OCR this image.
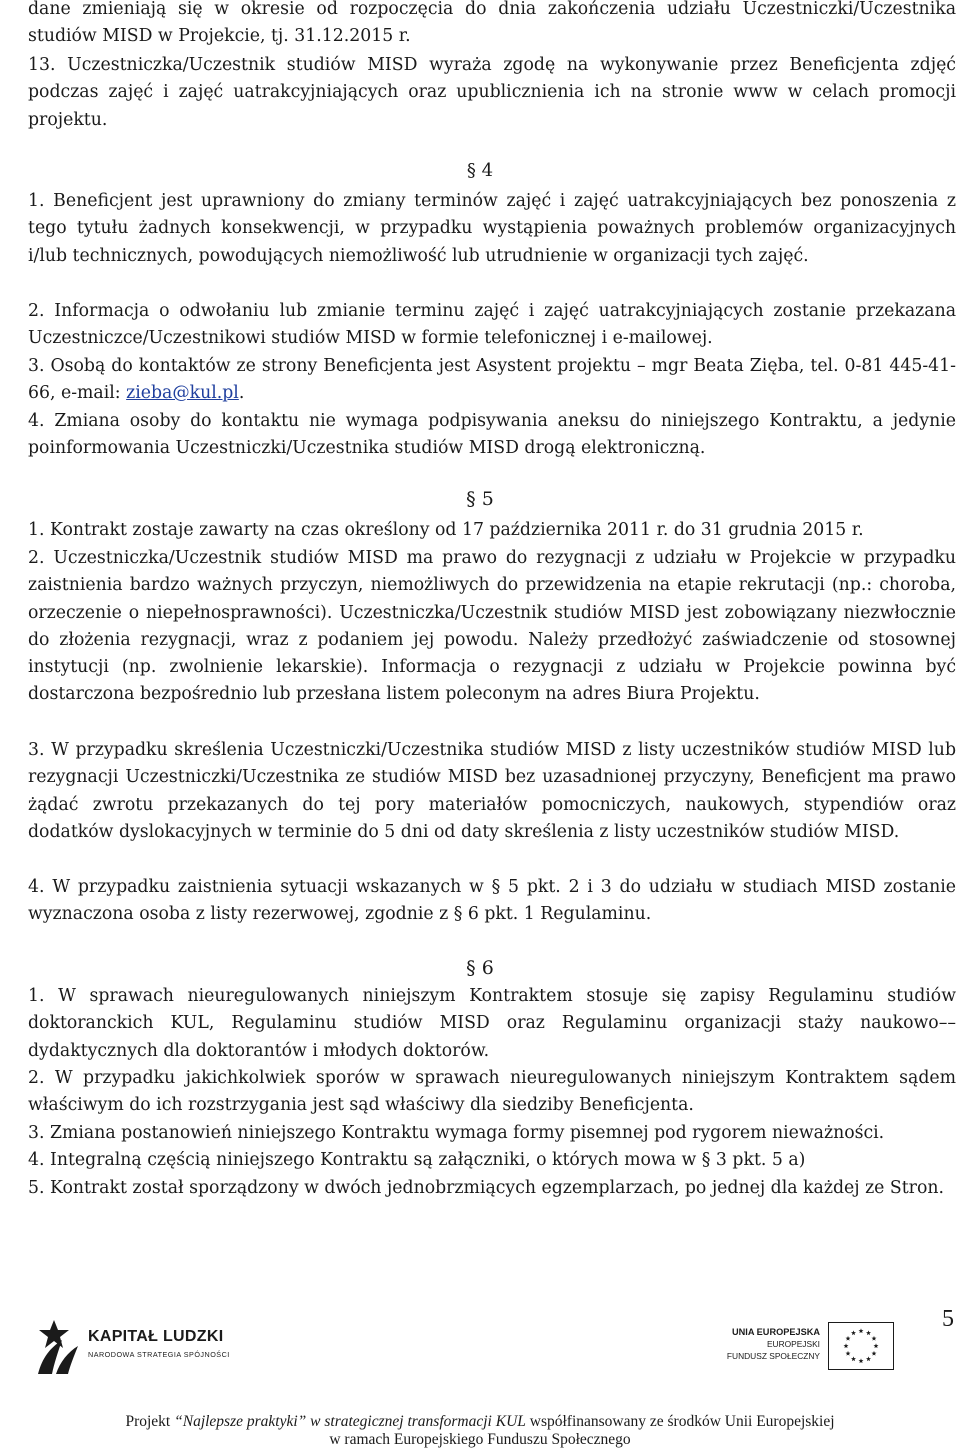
dane zmieniają się w okresie od rozpoczęcia do dnia zakończenia udziału Uczestniczki/Uczestnika studiów MISD w Projekcie, tj. 31.12.2015 r.
13. Uczestniczka/Uczestnik studiów MISD wyraża zgodę na wykonywanie przez Beneficjenta zdjęć podczas zajęć i zajęć uatrakcyjniających oraz upublicznienia ich na stronie www w celach promocji projektu.
§ 4
1. Beneficjent jest uprawniony do zmiany terminów zajęć i zajęć uatrakcyjniających bez ponoszenia z tego tytułu żadnych konsekwencji, w przypadku wystąpienia poważnych problemów organizacyjnych i/lub technicznych, powodujących niemożliwość lub utrudnienie w organizacji tych zajęć.
2. Informacja o odwołaniu lub zmianie terminu zajęć i zajęć uatrakcyjniających zostanie przekazana Uczestniczce/Uczestnikowi studiów MISD w formie telefonicznej i e-mailowej.
3. Osobą do kontaktów ze strony Beneficjenta jest Asystent projektu – mgr Beata Zięba, tel. 0-81 445-41-66, e-mail: zieba@kul.pl.
4. Zmiana osoby do kontaktu nie wymaga podpisywania aneksu do niniejszego Kontraktu, a jedynie poinformowania Uczestniczki/Uczestnika studiów MISD drogą elektroniczną.
§ 5
1. Kontrakt zostaje zawarty na czas określony od 17 października 2011 r. do 31 grudnia 2015 r.
2. Uczestniczka/Uczestnik studiów MISD ma prawo do rezygnacji z udziału w Projekcie w przypadku zaistnienia bardzo ważnych przyczyn, niemożliwych do przewidzenia na etapie rekrutacji (np.: choroba, orzeczenie o niepełnosprawności). Uczestniczka/Uczestnik studiów MISD jest zobowiązany niezwłocznie do złożenia rezygnacji, wraz z podaniem jej powodu. Należy przedłożyć zaświadczenie od stosownej instytucji (np. zwolnienie lekarskie). Informacja o rezygnacji z udziału w Projekcie powinna być dostarczona bezpośrednio lub przesłana listem poleconym na adres Biura Projektu.
3. W przypadku skreślenia Uczestniczki/Uczestnika studiów MISD z listy uczestników studiów MISD lub rezygnacji Uczestniczki/Uczestnika ze studiów MISD bez uzasadnionej przyczyny, Beneficjent ma prawo żądać zwrotu przekazanych do tej pory materiałów pomocniczych, naukowych, stypendiów oraz dodatków dyslokacyjnych w terminie do 5 dni od daty skreślenia z listy uczestników studiów MISD.
4. W przypadku zaistnienia sytuacji wskazanych w § 5 pkt. 2 i 3 do udziału w studiach MISD zostanie wyznaczona osoba z listy rezerwowej, zgodnie z § 6 pkt. 1 Regulaminu.
§ 6
1. W sprawach nieuregulowanych niniejszym Kontraktem stosuje się zapisy Regulaminu studiów doktoranckich KUL, Regulaminu studiów MISD oraz Regulaminu organizacji staży naukowo––dydaktycznych dla doktorantów i młodych doktorów.
2. W przypadku jakichkolwiek sporów w sprawach nieuregulowanych niniejszym Kontraktem sądem właściwym do ich rozstrzygania jest sąd właściwy dla siedziby Beneficjenta.
3. Zmiana postanowień niniejszego Kontraktu wymaga formy pisemnej pod rygorem nieważności.
4. Integralną częścią niniejszego Kontraktu są załączniki, o których mowa w § 3 pkt. 5 a)
5. Kontrakt został sporządzony w dwóch jednobrzmiących egzemplarzach, po jednej dla każdej ze Stron.
5
KAPITAŁ LUDZKI
NARODOWA STRATEGIA SPÓJNOŚCI
UNIA EUROPEJSKA
EUROPEJSKI
FUNDUSZ SPOŁECZNY
Projekt “Najlepsze praktyki” w strategicznej transformacji KUL współfinansowany ze środków Unii Europejskiej
w ramach Europejskiego Funduszu Społecznego
